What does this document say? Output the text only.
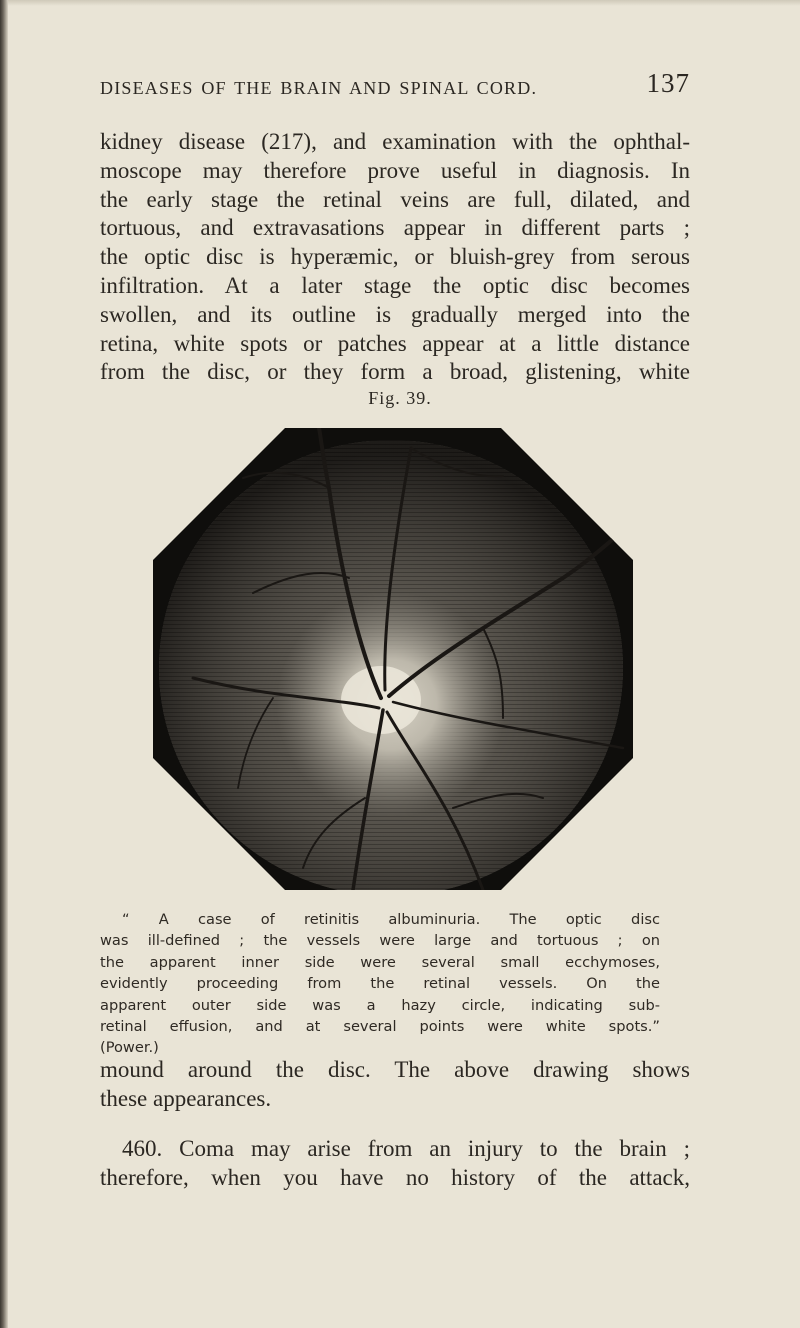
DISEASES OF THE BRAIN AND SPINAL CORD.	137
kidney disease (217), and examination with the ophthal-
moscope may therefore prove useful in diagnosis. In
the early stage the retinal veins are full, dilated, and
tortuous, and extravasations appear in different parts ;
the optic disc is hyperæmic, or bluish-grey from serous
infiltration. At a later stage the optic disc becomes
swollen, and its outline is gradually merged into the
retina, white spots or patches appear at a little distance
from the disc, or they form a broad, glistening, white
Fig. 39.
“ A case of retinitis albuminuria. The optic disc
was ill-defined ; the vessels were large and tortuous ; on
the apparent inner side were several small ecchymoses,
evidently proceeding from the retinal vessels. On the
apparent outer side was a hazy circle, indicating sub-
retinal effusion, and at several points were white spots.”
(Power.)
mound around the disc. The above drawing shows
these appearances.
460. Coma may arise from an injury to the brain ;
therefore, when you have no history of the attack,
